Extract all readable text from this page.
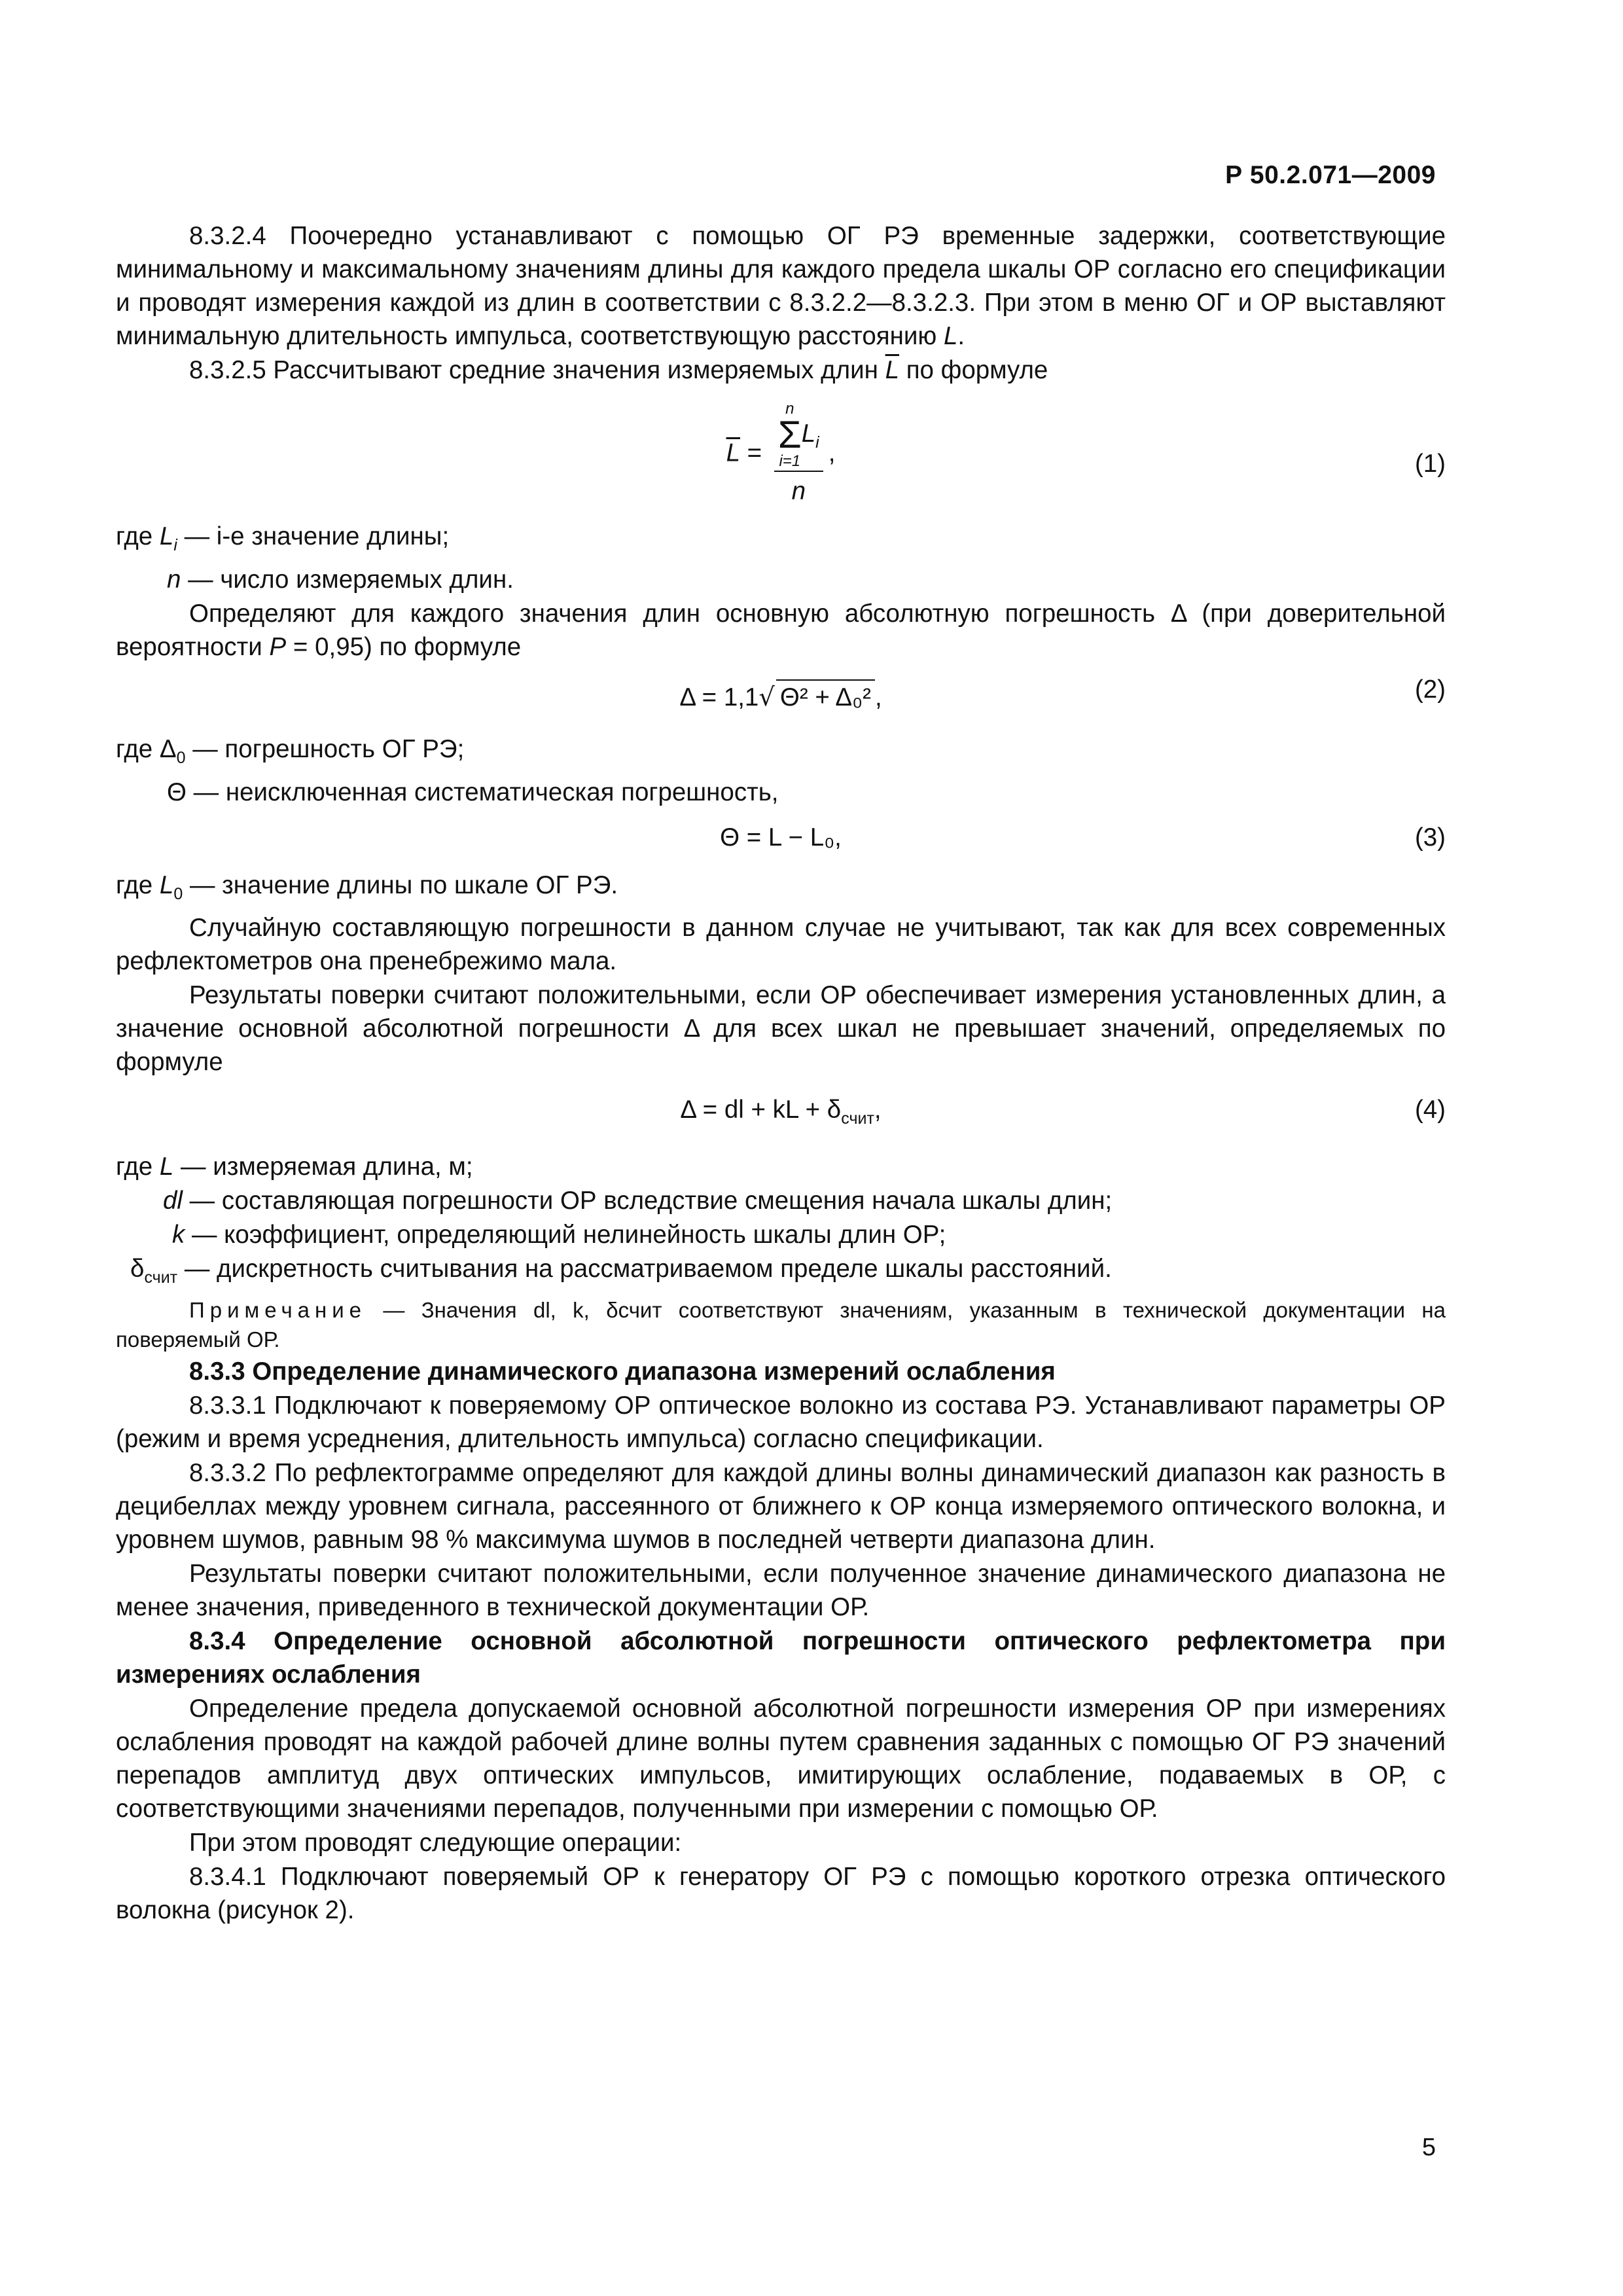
Р 50.2.071—2009

8.3.2.4 Поочередно устанавливают с помощью ОГ РЭ временные задержки, соответствующие минимальному и максимальному значениям длины для каждого предела шкалы ОР согласно его спецификации и проводят измерения каждой из длин в соответствии с 8.3.2.2—8.3.2.3. При этом в меню ОГ и ОР выставляют минимальную длительность импульса, соответствующую расстоянию L.

8.3.2.5 Рассчитывают средние значения измеряемых длин $\overline{L}$ по формуле

$\overline{L} = n$
Σ
i=1
$L_i$
n ,	(1)

где $L_i$ — i-е значение длины;

n — число измеряемых длин.

Определяют для каждого значения длин основную абсолютную погрешность Δ (при доверительной вероятности P = 0,95) по формуле

Δ = 1,1√ Θ² + Δ₀² ,	(2)

где $\Delta_0$ — погрешность ОГ РЭ;

Θ — неисключенная систематическая погрешность,

Θ = L − L₀,	(3)

где $L_0$ — значение длины по шкале ОГ РЭ.

Случайную составляющую погрешности в данном случае не учитывают, так как для всех современных рефлектометров она пренебрежимо мала.

Результаты поверки считают положительными, если ОР обеспечивает измерения установленных длин, а значение основной абсолютной погрешности Δ для всех шкал не превышает значений, определяемых по формуле

Δ = dl + kL + $\delta_{счит}$,	(4)

где L — измеряемая длина, м;

dl — составляющая погрешности ОР вследствие смещения начала шкалы длин;

k — коэффициент, определяющий нелинейность шкалы длин ОР;

$\delta_{счит}$ — дискретность считывания на рассматриваемом пределе шкалы расстояний.

Примечание — Значения dl, k, δсчит соответствуют значениям, указанным в технической документации на поверяемый ОР.

8.3.3 Определение динамического диапазона измерений ослабления

8.3.3.1 Подключают к поверяемому ОР оптическое волокно из состава РЭ. Устанавливают параметры ОР (режим и время усреднения, длительность импульса) согласно спецификации.

8.3.3.2 По рефлектограмме определяют для каждой длины волны динамический диапазон как разность в децибеллах между уровнем сигнала, рассеянного от ближнего к ОР конца измеряемого оптического волокна, и уровнем шумов, равным 98 % максимума шумов в последней четверти диапазона длин.

Результаты поверки считают положительными, если полученное значение динамического диапазона не менее значения, приведенного в технической документации ОР.

8.3.4 Определение основной абсолютной погрешности оптического рефлектометра при измерениях ослабления

Определение предела допускаемой основной абсолютной погрешности измерения ОР при измерениях ослабления проводят на каждой рабочей длине волны путем сравнения заданных с помощью ОГ РЭ значений перепадов амплитуд двух оптических импульсов, имитирующих ослабление, подаваемых в ОР, с соответствующими значениями перепадов, полученными при измерении с помощью ОР.

При этом проводят следующие операции:

8.3.4.1 Подключают поверяемый ОР к генератору ОГ РЭ с помощью короткого отрезка оптического волокна (рисунок 2).

5
